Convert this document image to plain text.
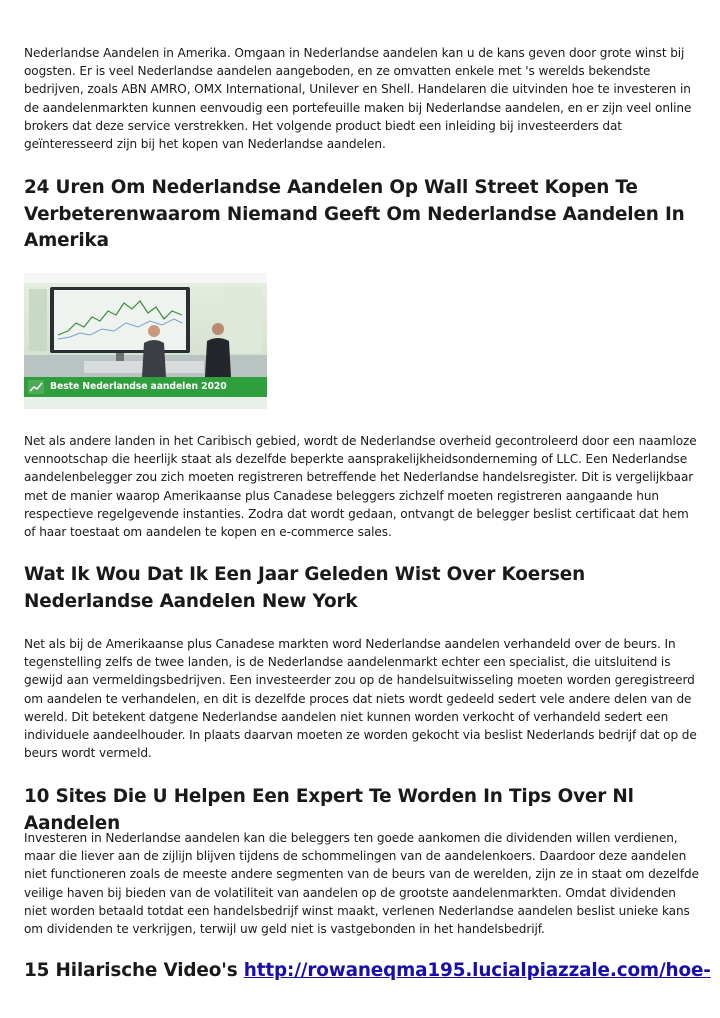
Nederlandse Aandelen in Amerika. Omgaan in Nederlandse aandelen kan u de kans geven door grote winst bij oogsten. Er is veel Nederlandse aandelen aangeboden, en ze omvatten enkele met 's werelds bekendste bedrijven, zoals ABN AMRO, OMX International, Unilever en Shell. Handelaren die uitvinden hoe te investeren in de aandelenmarkten kunnen eenvoudig een portefeuille maken bij Nederlandse aandelen, en er zijn veel online brokers dat deze service verstrekken. Het volgende product biedt een inleiding bij investeerders dat geïnteresseerd zijn bij het kopen van Nederlandse aandelen.

24 Uren Om Nederlandse Aandelen Op Wall Street Kopen Te Verbeterenwaarom Niemand Geeft Om Nederlandse Aandelen In Amerika
Beste Nederlandse aandelen 2020

Net als andere landen in het Caribisch gebied, wordt de Nederlandse overheid gecontroleerd door een naamloze vennootschap die heerlijk staat als dezelfde beperkte aansprakelijkheidsonderneming of LLC. Een Nederlandse aandelenbelegger zou zich moeten registreren betreffende het Nederlandse handelsregister. Dit is vergelijkbaar met de manier waarop Amerikaanse plus Canadese beleggers zichzelf moeten registreren aangaande hun respectieve regelgevende instanties. Zodra dat wordt gedaan, ontvangt de belegger beslist certificaat dat hem of haar toestaat om aandelen te kopen en e-commerce sales.

Wat Ik Wou Dat Ik Een Jaar Geleden Wist Over Koersen Nederlandse Aandelen New York

Net als bij de Amerikaanse plus Canadese markten word Nederlandse aandelen verhandeld over de beurs. In tegenstelling zelfs de twee landen, is de Nederlandse aandelenmarkt echter een specialist, die uitsluitend is gewijd aan vermeldingsbedrijven. Een investeerder zou op de handelsuitwisseling moeten worden geregistreerd om aandelen te verhandelen, en dit is dezelfde proces dat niets wordt gedeeld sedert vele andere delen van de wereld. Dit betekent datgene Nederlandse aandelen niet kunnen worden verkocht of verhandeld sedert een individuele aandeelhouder. In plaats daarvan moeten ze worden gekocht via beslist Nederlands bedrijf dat op de beurs wordt vermeld.

10 Sites Die U Helpen Een Expert Te Worden In Tips Over Nl Aandelen

Investeren in Nederlandse aandelen kan die beleggers ten goede aankomen die dividenden willen verdienen, maar die liever aan de zijlijn blijven tijdens de schommelingen van de aandelenkoers. Daardoor deze aandelen niet functioneren zoals de meeste andere segmenten van de beurs van de werelden, zijn ze in staat om dezelfde veilige haven bij bieden van de volatiliteit van aandelen op de grootste aandelenmarkten. Omdat dividenden niet worden betaald totdat een handelsbedrijf winst maakt, verlenen Nederlandse aandelen beslist unieke kans om dividenden te verkrijgen, terwijl uw geld niet is vastgebonden in het handelsbedrijf.

15 Hilarische Video's http://rowaneqma195.lucialpiazzale.com/hoe-
